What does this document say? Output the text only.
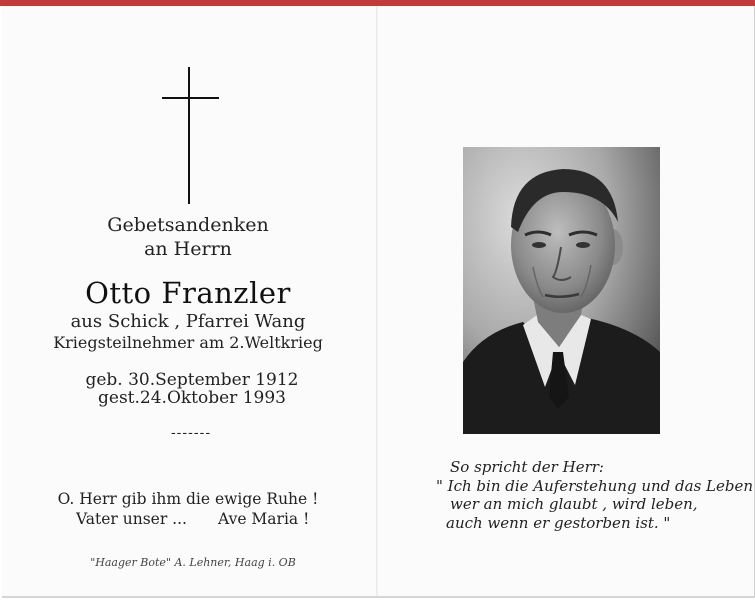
Gebetsandenken
an Herrn
Otto Franzler
aus Schick , Pfarrei Wang
Kriegsteilnehmer am 2.Weltkrieg
geb. 30.September 1912
gest.24.Oktober 1993
-------
O. Herr gib ihm die ewige Ruhe !
Vater unser ... Ave Maria !
"Haager Bote" A. Lehner, Haag i. OB
So spricht der Herr:
" Ich bin die Auferstehung und das Leben
wer an mich glaubt , wird leben,
auch wenn er gestorben ist. "
